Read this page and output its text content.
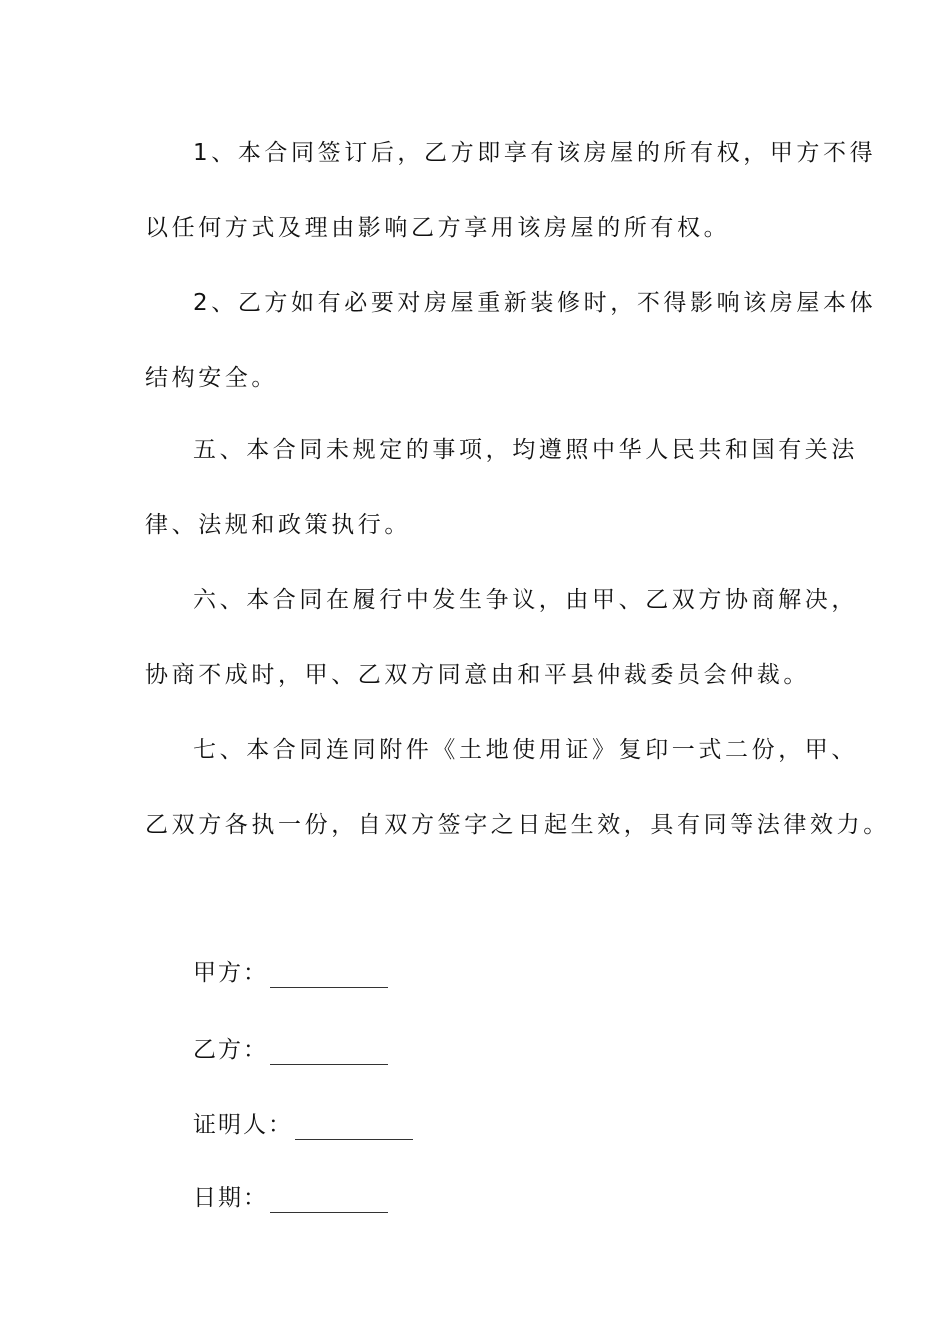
1、本合同签订后，乙方即享有该房屋的所有权，甲方不得
以任何方式及理由影响乙方享用该房屋的所有权。
2、乙方如有必要对房屋重新装修时，不得影响该房屋本体
结构安全。
五、本合同未规定的事项，均遵照中华人民共和国有关法
律、法规和政策执行。
六、本合同在履行中发生争议，由甲、乙双方协商解决，
协商不成时，甲、乙双方同意由和平县仲裁委员会仲裁。
七、本合同连同附件《土地使用证》复印一式二份，甲、
乙双方各执一份，自双方签字之日起生效，具有同等法律效力。
甲方：
乙方：
证明人：
日期：
